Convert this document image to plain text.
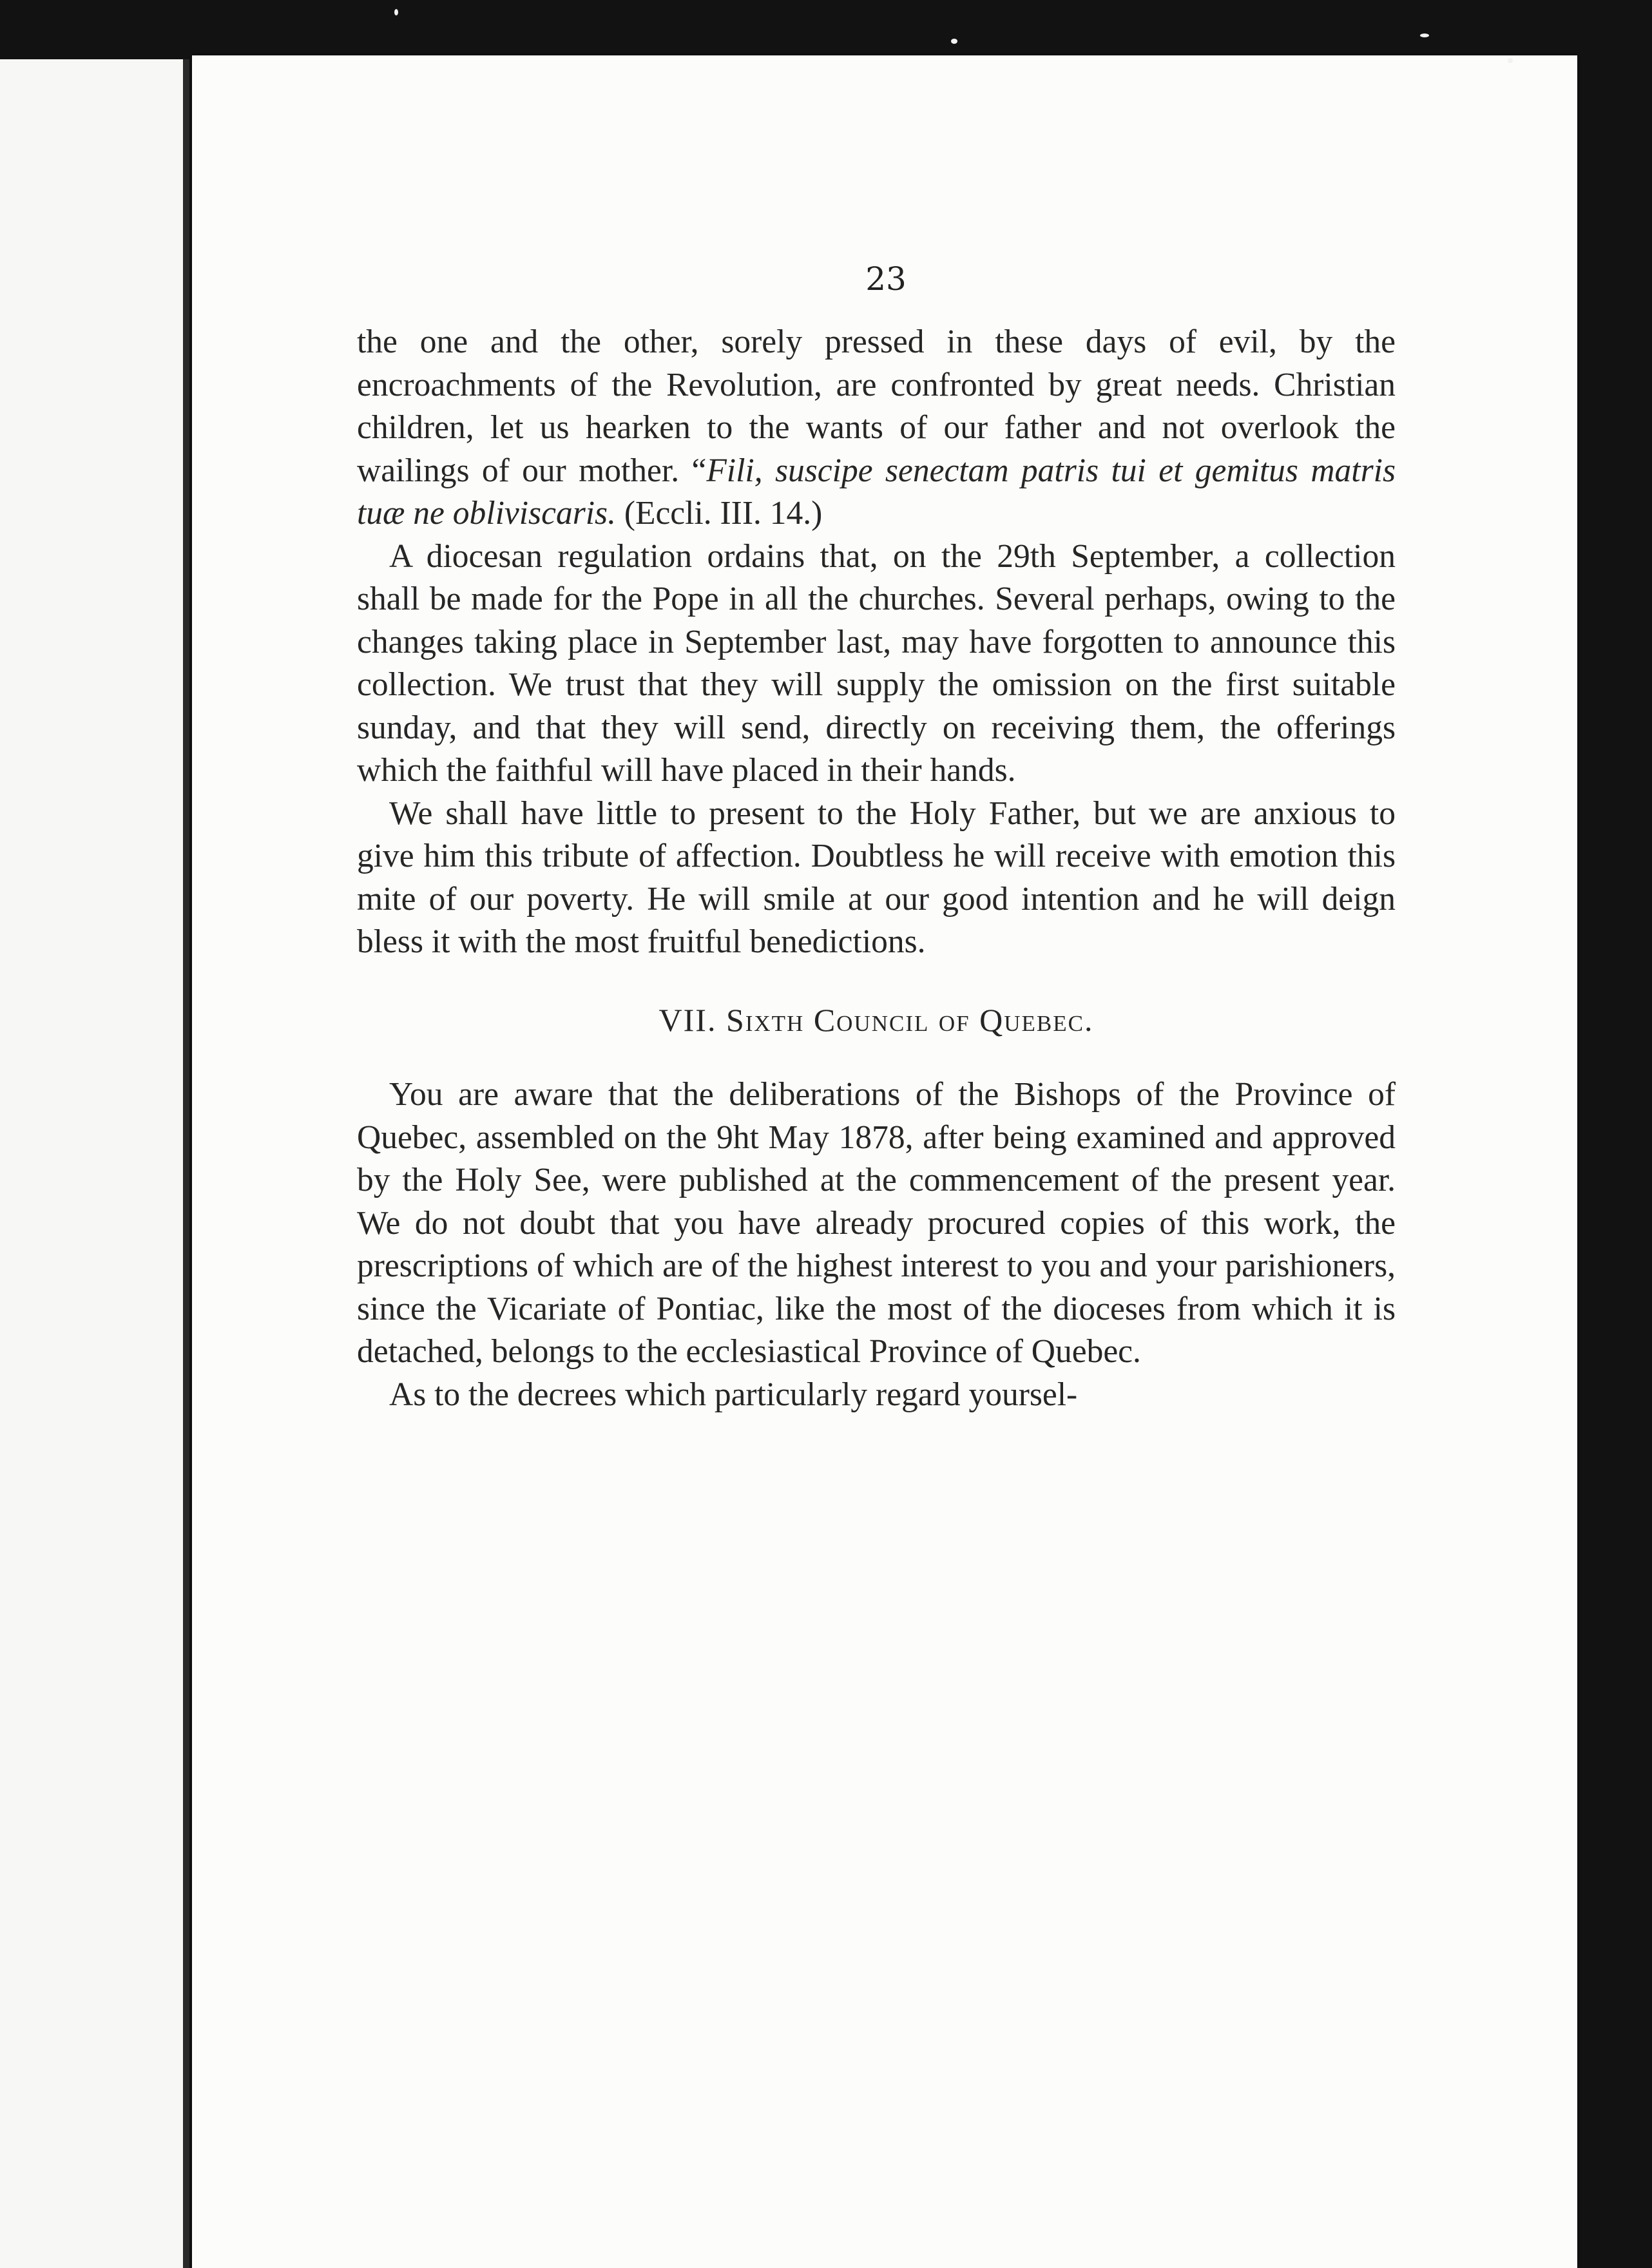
23

the one and the other, sorely pressed in these days of evil, by the encroachments of the Revolution, are confronted by great needs. Christian children, let us hearken to the wants of our father and not overlook the wailings of our mother. “Fili, suscipe senectam patris tui et gemitus matris tuæ ne obliviscaris. (Eccli. III. 14.)

A diocesan regulation ordains that, on the 29th September, a collection shall be made for the Pope in all the churches. Several perhaps, owing to the changes taking place in September last, may have forgotten to announce this collection. We trust that they will supply the omission on the first suitable sunday, and that they will send, directly on receiving them, the offerings which the faithful will have placed in their hands.

We shall have little to present to the Holy Father, but we are anxious to give him this tribute of affection. Doubtless he will receive with emotion this mite of our poverty. He will smile at our good intention and he will deign bless it with the most fruitful benedictions.

VII. Sixth Council of Quebec.

You are aware that the deliberations of the Bishops of the Province of Quebec, assembled on the 9ht May 1878, after being examined and approved by the Holy See, were published at the commencement of the present year. We do not doubt that you have already procured copies of this work, the prescriptions of which are of the highest interest to you and your parishioners, since the Vicariate of Pontiac, like the most of the dioceses from which it is detached, belongs to the ecclesiastical Province of Quebec.

As to the decrees which particularly regard yoursel-
